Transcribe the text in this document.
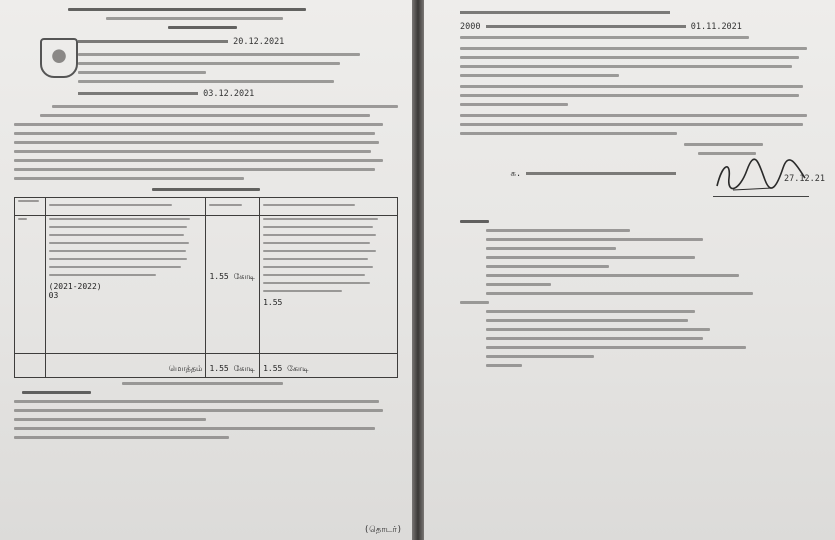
20.12.2021
03.12.2021

	(2021-2022)
03	1.55 கோடி	1.55

	மொத்தம்	1.55 கோடி	1.55 கோடி
(தொடர்)
2000	01.11.2021
க.	27.12.21
